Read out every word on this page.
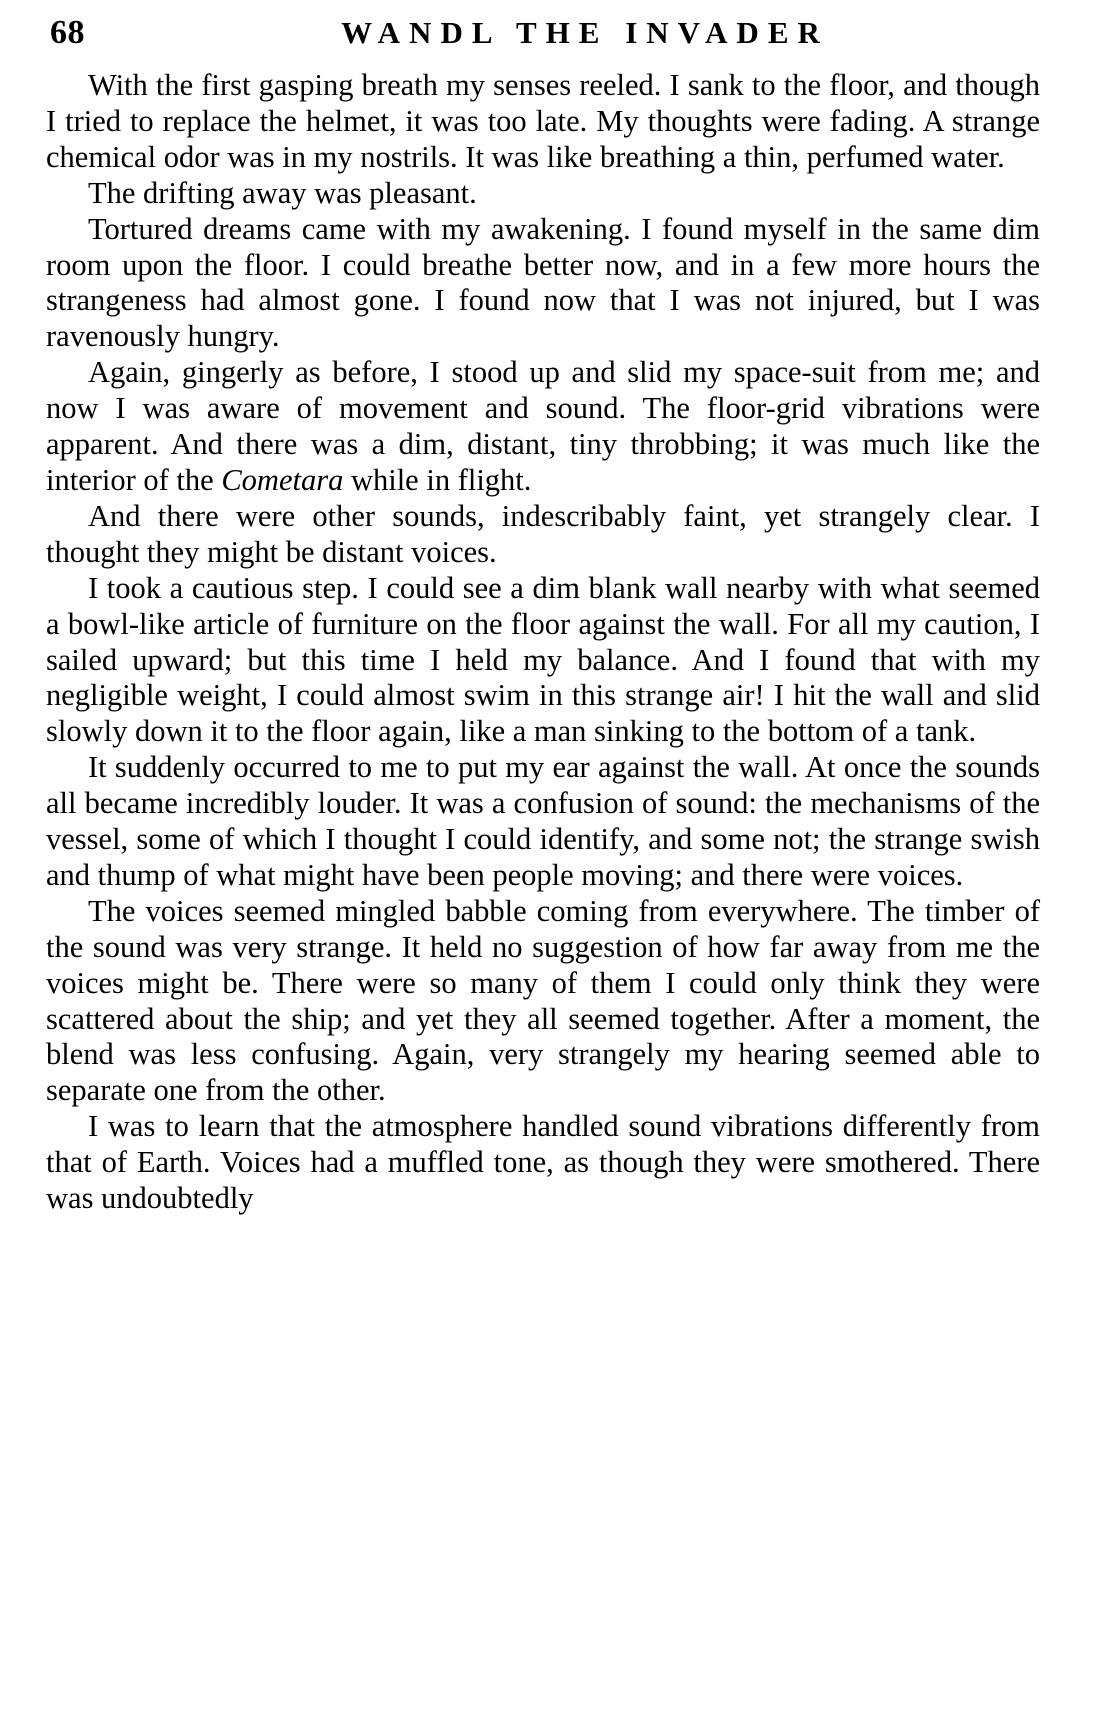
68	WANDL THE INVADER

With the first gasping breath my senses reeled. I sank to the floor, and though I tried to replace the helmet, it was too late. My thoughts were fading. A strange chemical odor was in my nostrils. It was like breathing a thin, perfumed water.

The drifting away was pleasant.

Tortured dreams came with my awakening. I found myself in the same dim room upon the floor. I could breathe better now, and in a few more hours the strangeness had almost gone. I found now that I was not injured, but I was ravenously hungry.

Again, gingerly as before, I stood up and slid my space-suit from me; and now I was aware of movement and sound. The floor-grid vibrations were apparent. And there was a dim, distant, tiny throbbing; it was much like the interior of the Cometara while in flight.

And there were other sounds, indescribably faint, yet strangely clear. I thought they might be distant voices.

I took a cautious step. I could see a dim blank wall nearby with what seemed a bowl-like article of furniture on the floor against the wall. For all my caution, I sailed upward; but this time I held my balance. And I found that with my negligible weight, I could almost swim in this strange air! I hit the wall and slid slowly down it to the floor again, like a man sinking to the bottom of a tank.

It suddenly occurred to me to put my ear against the wall. At once the sounds all became incredibly louder. It was a confusion of sound: the mechanisms of the vessel, some of which I thought I could identify, and some not; the strange swish and thump of what might have been people moving; and there were voices.

The voices seemed mingled babble coming from everywhere. The timber of the sound was very strange. It held no suggestion of how far away from me the voices might be. There were so many of them I could only think they were scattered about the ship; and yet they all seemed together. After a moment, the blend was less confusing. Again, very strangely my hearing seemed able to separate one from the other.

I was to learn that the atmosphere handled sound vibrations differently from that of Earth. Voices had a muffled tone, as though they were smothered. There was undoubtedly
